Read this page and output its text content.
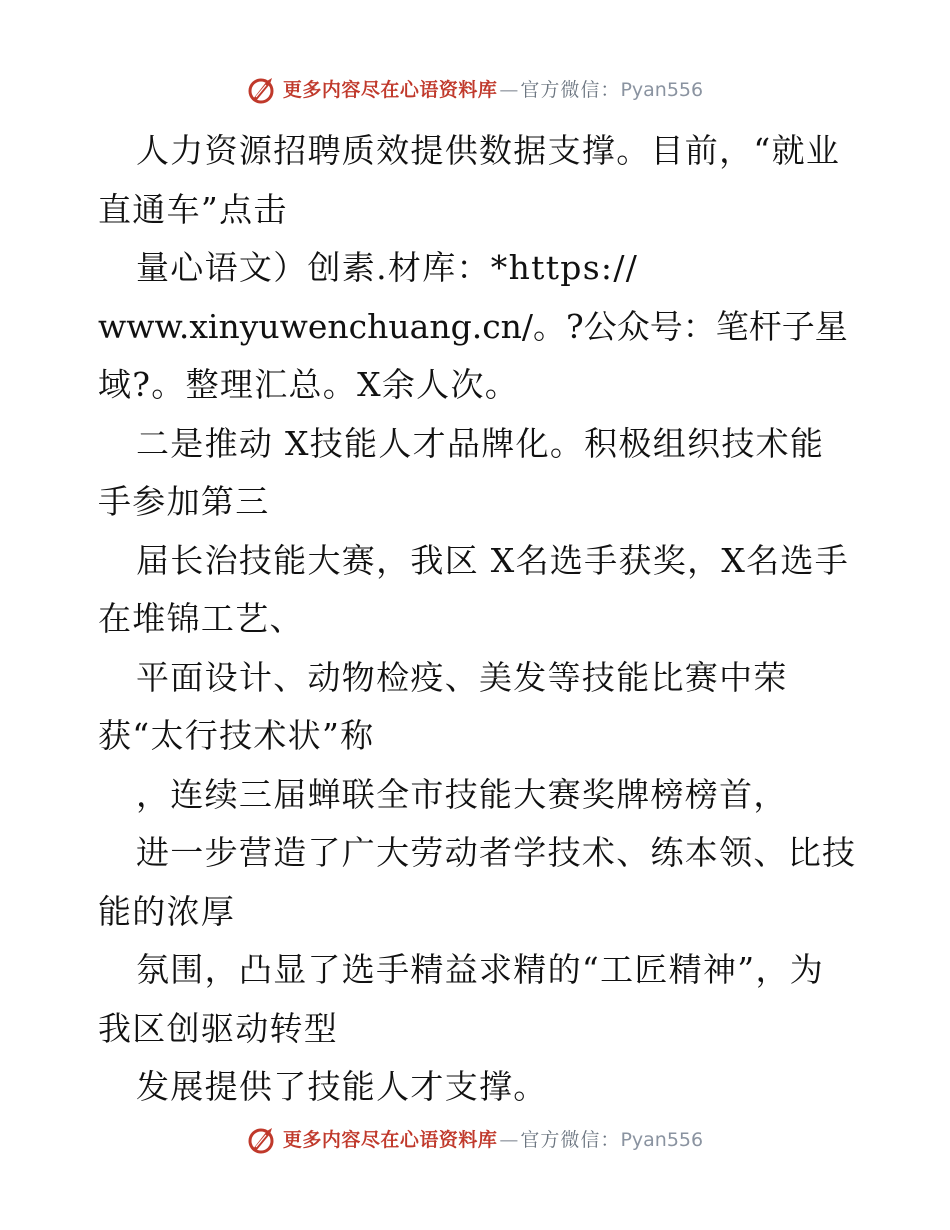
更多内容尽在心语资料库 — 官方微信： Pyan556
人力资源招聘质效提供数据支撑。目前，“就业
直通车”点击
量心语文）创素.材库：*https://
www.xinyuwenchuang.cn/。?公众号：笔杆子星
域?。整理汇总。X余人次。
二是推动 X技能人才品牌化。积极组织技术能
手参加第三
届长治技能大赛，我区 X名选手获奖，X名选手
在堆锦工艺、
平面设计、动物检疫、美发等技能比赛中荣
获“太行技术状”称
，连续三届蝉联全市技能大赛奖牌榜榜首，
进一步营造了广大劳动者学技术、练本领、比技
能的浓厚
氛围，凸显了选手精益求精的“工匠精神”，为
我区创驱动转型
发展提供了技能人才支撑。
更多内容尽在心语资料库 — 官方微信： Pyan556
